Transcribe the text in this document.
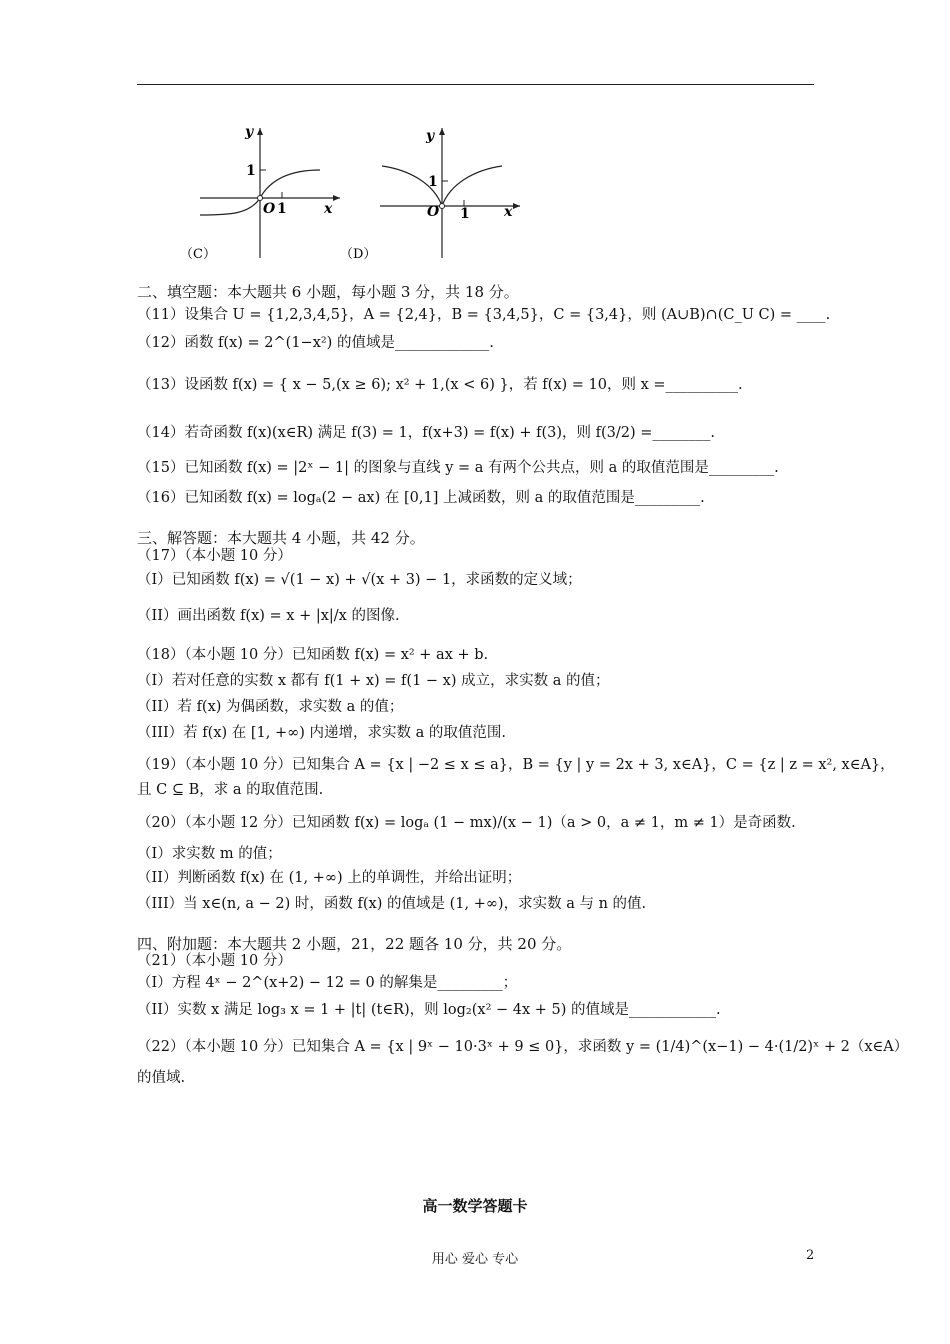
y
x
O 1
1
（C）
y
x
O 1
1
（D）
二、填空题：本大题共 6 小题，每小题 3 分，共 18 分。
（11）设集合 U = {1,2,3,4,5}，A = {2,4}，B = {3,4,5}，C = {3,4}，则 (A∪B)∩(C_U C) = ____.
（12）函数 f(x) = 2^(1−x²) 的值域是_____________.
（13）设函数 f(x) = { x − 5,(x ≥ 6); x² + 1,(x < 6) }，若 f(x) = 10，则 x =__________.
（14）若奇函数 f(x)(x∈R) 满足 f(3) = 1，f(x+3) = f(x) + f(3)，则 f(3/2) =________.
（15）已知函数 f(x) = |2ˣ − 1| 的图象与直线 y = a 有两个公共点，则 a 的取值范围是_________.
（16）已知函数 f(x) = logₐ(2 − ax) 在 [0,1] 上减函数，则 a 的取值范围是_________.
三、解答题：本大题共 4 小题，共 42 分。
（17）（本小题 10 分）
（I）已知函数 f(x) = √(1 − x) + √(x + 3) − 1，求函数的定义域；
（II）画出函数 f(x) = x + |x|/x 的图像.
（18）（本小题 10 分）已知函数 f(x) = x² + ax + b.
（I）若对任意的实数 x 都有 f(1 + x) = f(1 − x) 成立，求实数 a 的值；
（II）若 f(x) 为偶函数，求实数 a 的值；
（III）若 f(x) 在 [1, +∞) 内递增，求实数 a 的取值范围.
（19）（本小题 10 分）已知集合 A = {x | −2 ≤ x ≤ a}，B = {y | y = 2x + 3, x∈A}，C = {z | z = x², x∈A}，
且 C ⊆ B，求 a 的取值范围.
（20）（本小题 12 分）已知函数 f(x) = logₐ (1 − mx)/(x − 1)（a > 0，a ≠ 1，m ≠ 1）是奇函数.
（I）求实数 m 的值；
（II）判断函数 f(x) 在 (1, +∞) 上的单调性，并给出证明；
（III）当 x∈(n, a − 2) 时，函数 f(x) 的值域是 (1, +∞)，求实数 a 与 n 的值.
四、附加题：本大题共 2 小题，21，22 题各 10 分，共 20 分。
（21）（本小题 10 分）
（I）方程 4ˣ − 2^(x+2) − 12 = 0 的解集是_________；
（II）实数 x 满足 log₃ x = 1 + |t| (t∈R)，则 log₂(x² − 4x + 5) 的值域是____________.
（22）（本小题 10 分）已知集合 A = {x | 9ˣ − 10·3ˣ + 9 ≤ 0}，求函数 y = (1/4)^(x−1) − 4·(1/2)ˣ + 2（x∈A）
的值域.
高一数学答题卡
用心 爱心 专心	2
